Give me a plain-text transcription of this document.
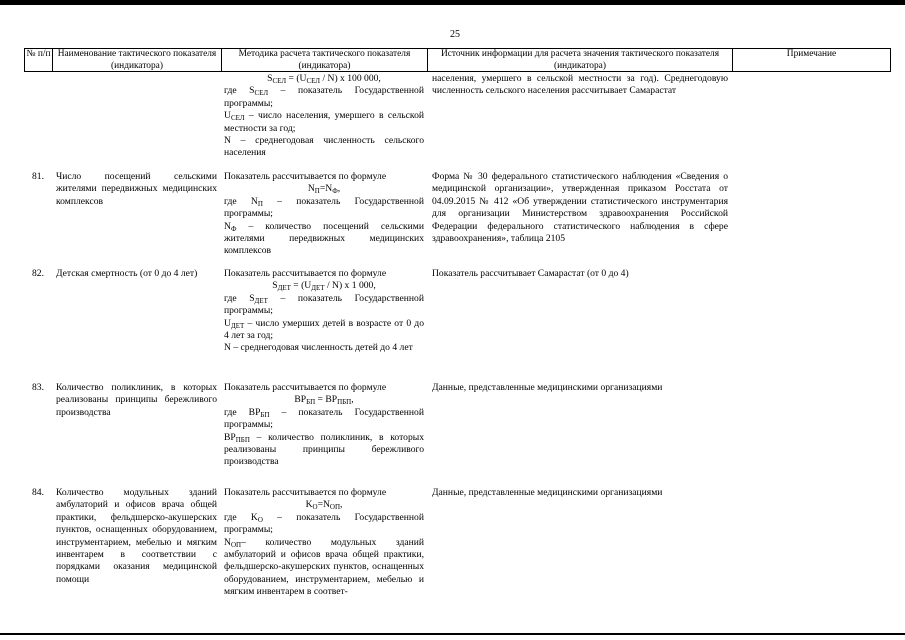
25
№ п/п Наименование тактического показателя (индикатора)
Методика расчета тактического показателя (индикатора)
Источник информации для расчета значения тактического показателя (индикатора)
Примечание
$S_{СЕЛ} = (U_{СЕЛ} / N)$ x 100 000,
где $S_{СЕЛ}$ – показатель Государственной программы;
$U_{СЕЛ}$ – число населения, умершего в сельской местности за год;
N – среднегодовая численность сельского населения
населения, умершего в сельской местности за год). Среднегодовую численность сельского населения рассчитывает Самарастат
81. Число посещений сельскими жителями передвижных медицинских комплексов
Показатель рассчитывается по формуле
$N_П=N_Ф$,
где $N_П$ – показатель Государственной программы;
$N_Ф$ – количество посещений сельскими жителями передвижных медицинских комплексов
Форма № 30 федерального статистического наблюдения «Сведения о медицинской организации», утвержденная приказом Росстата от 04.09.2015 № 412 «Об утверждении статистического инструментария для организации Министерством здравоохранения Российской Федерации федерального статистического наблюдения в сфере здравоохранения», таблица 2105
82. Детская смертность (от 0 до 4 лет)	Показатель рассчитывается по формуле
$S_{ДЕТ} = (U_{ДЕТ} / N)$ x 1 000,
где $S_{ДЕТ}$ – показатель Государственной программы;
$U_{ДЕТ}$ – число умерших детей в возрасте от 0 до 4 лет за год;
N – среднегодовая численность детей до 4 лет
Показатель рассчитывает Самарастат (от 0 до 4)
83. Количество поликлиник, в которых реализованы принципы бережливого производства
Показатель рассчитывается по формуле
$BP_{БП} = BP_{ПБП}$,
где $BP_{БП}$ – показатель Государственной программы;
$BP_{ПБП}$ – количество поликлиник, в которых реализованы принципы бережливого производства
Данные, представленные медицинскими организациями
84. Количество модульных зданий амбулаторий и офисов врача общей практики, фельдшерско-акушерских пунктов, оснащенных оборудованием, инструментарием, мебелью и мягким инвентарем в соответствии с порядками оказания медицинской помощи
Показатель рассчитывается по формуле
$K_О=N_{ОП}$,
где $K_О$ – показатель Государственной программы;
$N_{ОП}-$ количество модульных зданий амбулаторий и офисов врача общей практики, фельдшерско-акушерских пунктов, оснащенных оборудованием, инструментарием, мебелью и мягким инвентарем в соответ-
Данные, представленные медицинскими организациями
